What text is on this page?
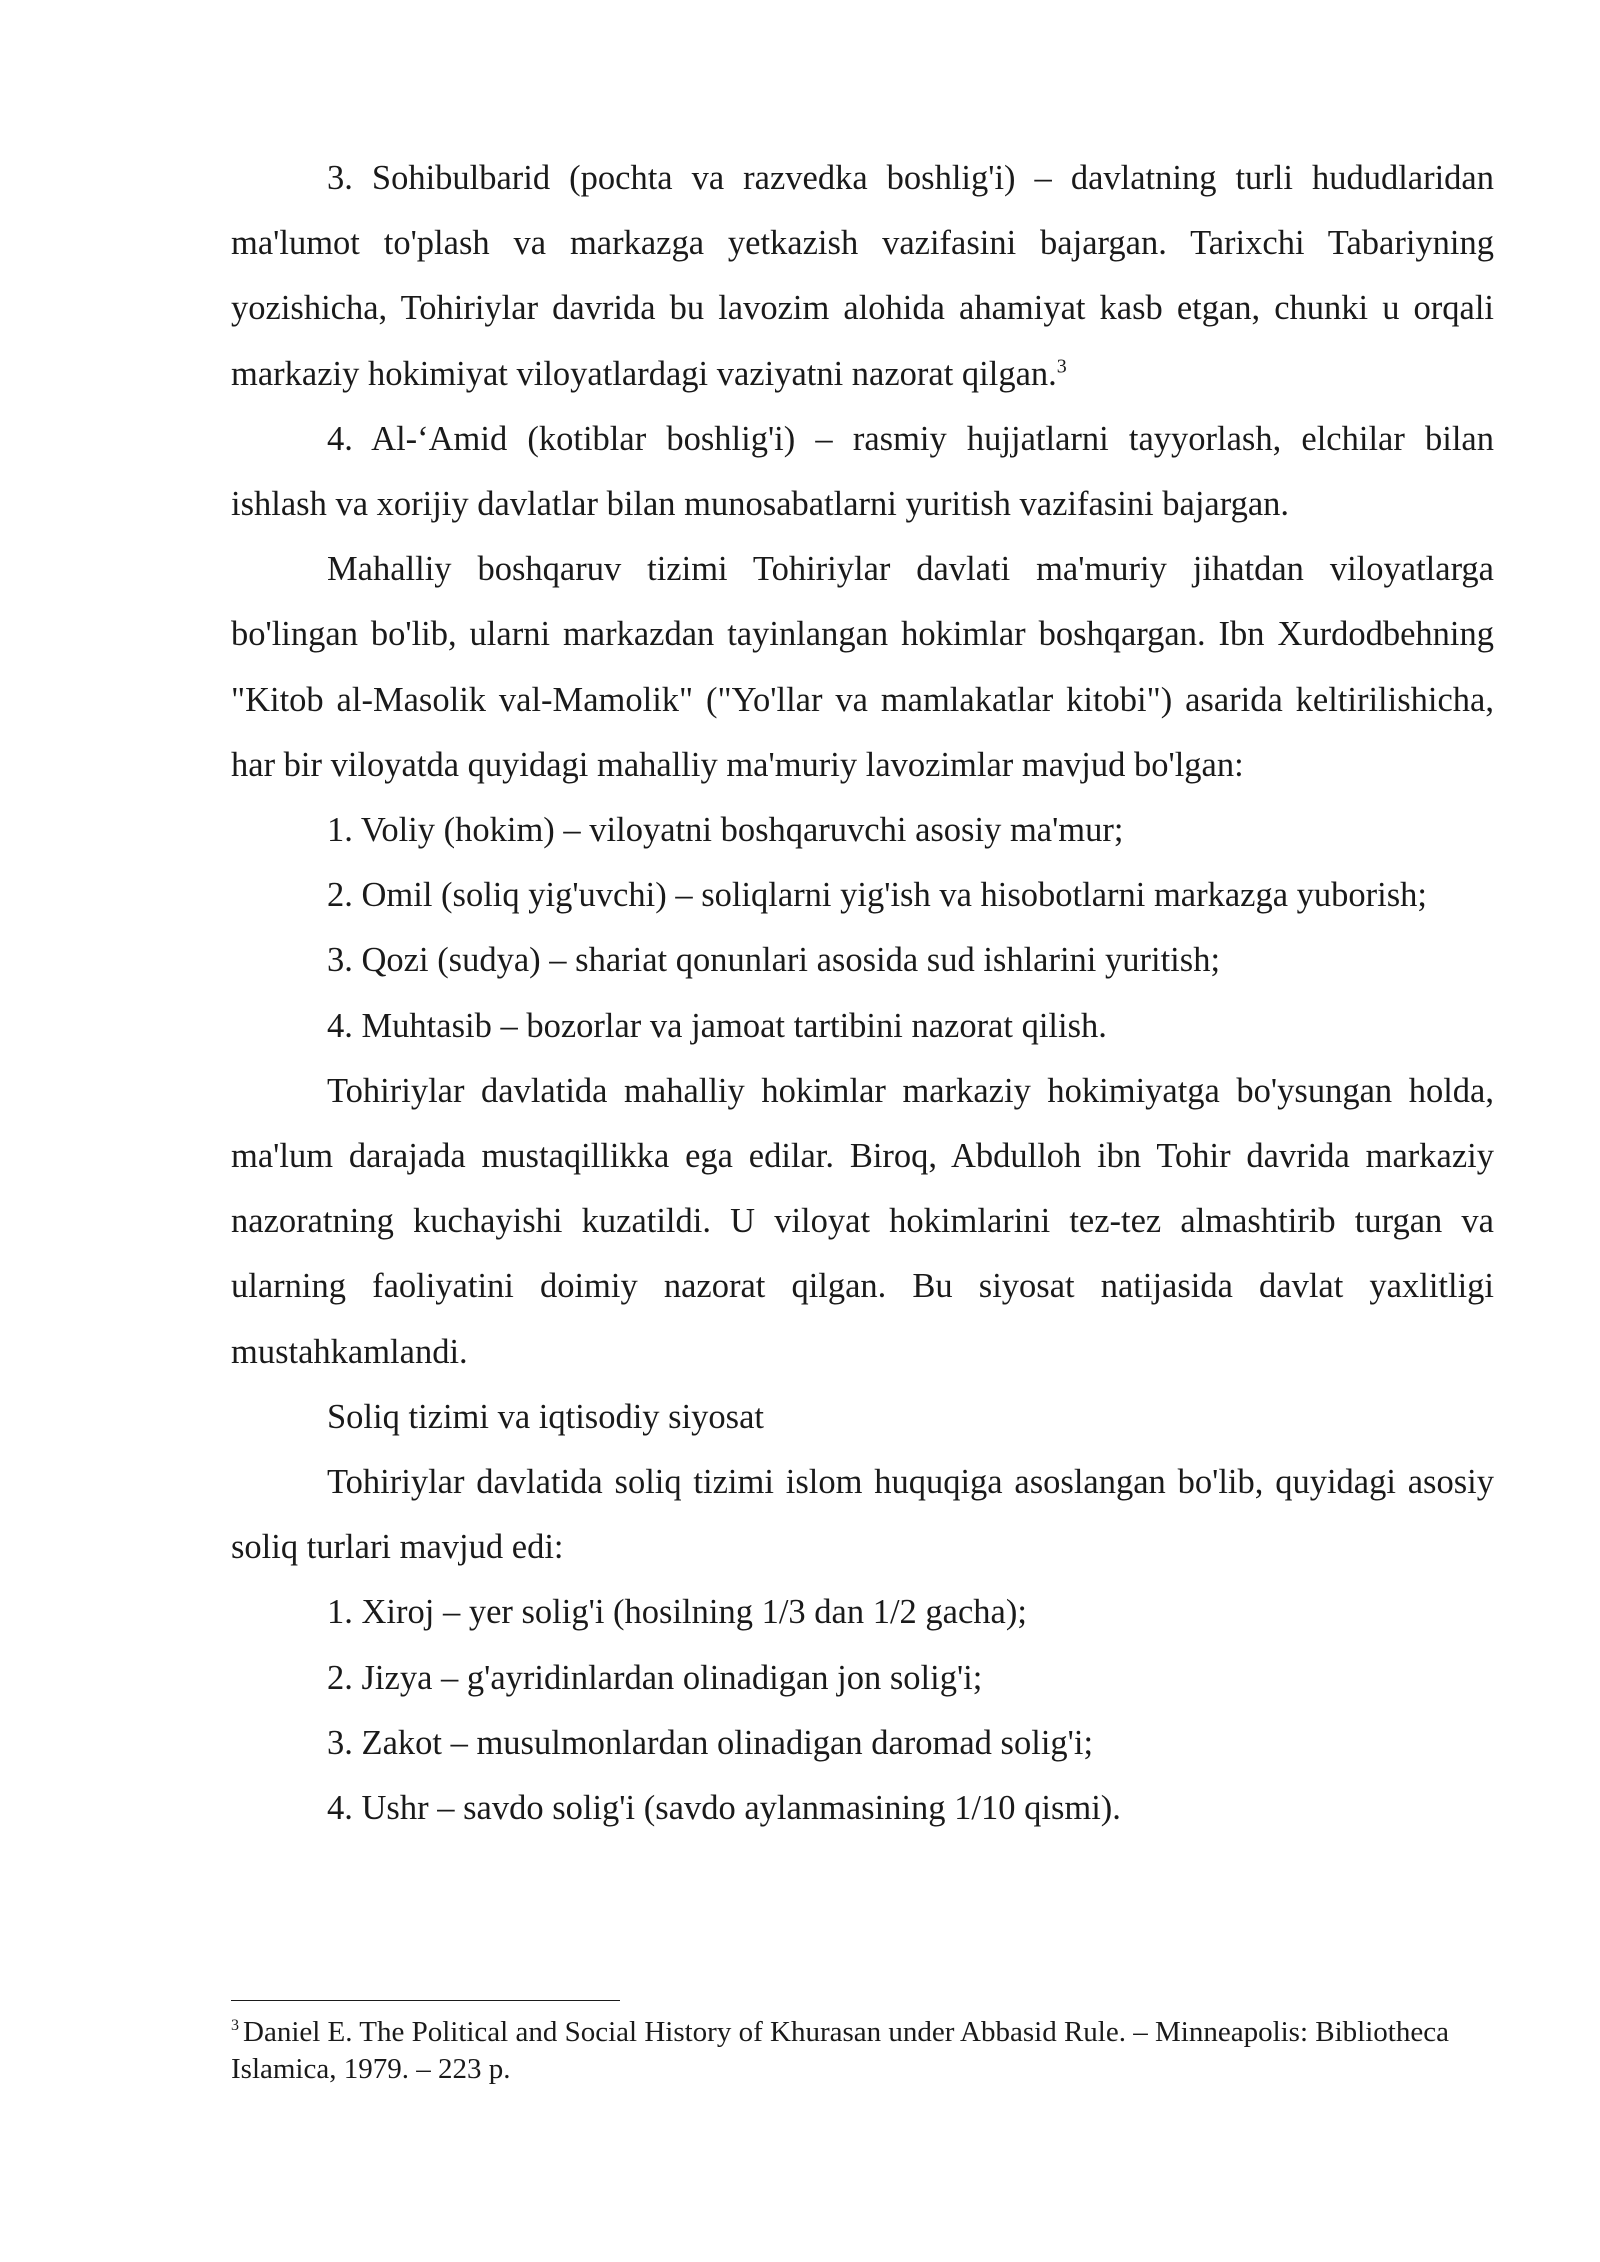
3. Sohibulbarid (pochta va razvedka boshlig'i) – davlatning turli hududlaridan ma'lumot to'plash va markazga yetkazish vazifasini bajargan. Tarixchi Tabariyning yozishicha, Tohiriylar davrida bu lavozim alohida ahamiyat kasb etgan, chunki u orqali markaziy hokimiyat viloyatlardagi vaziyatni nazorat qilgan.$^3$

4. Al-‘Amid (kotiblar boshlig'i) – rasmiy hujjatlarni tayyorlash, elchilar bilan ishlash va xorijiy davlatlar bilan munosabatlarni yuritish vazifasini bajargan.

Mahalliy boshqaruv tizimi Tohiriylar davlati ma'muriy jihatdan viloyatlarga bo'lingan bo'lib, ularni markazdan tayinlangan hokimlar boshqargan. Ibn Xurdodbehning "Kitob al-Masolik val-Mamolik" ("Yo'llar va mamlakatlar kitobi") asarida keltirilishicha, har bir viloyatda quyidagi mahalliy ma'muriy lavozimlar mavjud bo'lgan:

1. Voliy (hokim) – viloyatni boshqaruvchi asosiy ma'mur;

2. Omil (soliq yig'uvchi) – soliqlarni yig'ish va hisobotlarni markazga yuborish;

3. Qozi (sudya) – shariat qonunlari asosida sud ishlarini yuritish;

4. Muhtasib – bozorlar va jamoat tartibini nazorat qilish.

Tohiriylar davlatida mahalliy hokimlar markaziy hokimiyatga bo'ysungan holda, ma'lum darajada mustaqillikka ega edilar. Biroq, Abdulloh ibn Tohir davrida markaziy nazoratning kuchayishi kuzatildi. U viloyat hokimlarini tez-tez almashtirib turgan va ularning faoliyatini doimiy nazorat qilgan. Bu siyosat natijasida davlat yaxlitligi mustahkamlandi.

Soliq tizimi va iqtisodiy siyosat

Tohiriylar davlatida soliq tizimi islom huquqiga asoslangan bo'lib, quyidagi asosiy soliq turlari mavjud edi:

1. Xiroj – yer solig'i (hosilning 1/3 dan 1/2 gacha);

2. Jizya – g'ayridinlardan olinadigan jon solig'i;

3. Zakot – musulmonlardan olinadigan daromad solig'i;

4. Ushr – savdo solig'i (savdo aylanmasining 1/10 qismi).

$^3$ Daniel E. The Political and Social History of Khurasan under Abbasid Rule. – Minneapolis: Bibliotheca Islamica, 1979. – 223 p.
